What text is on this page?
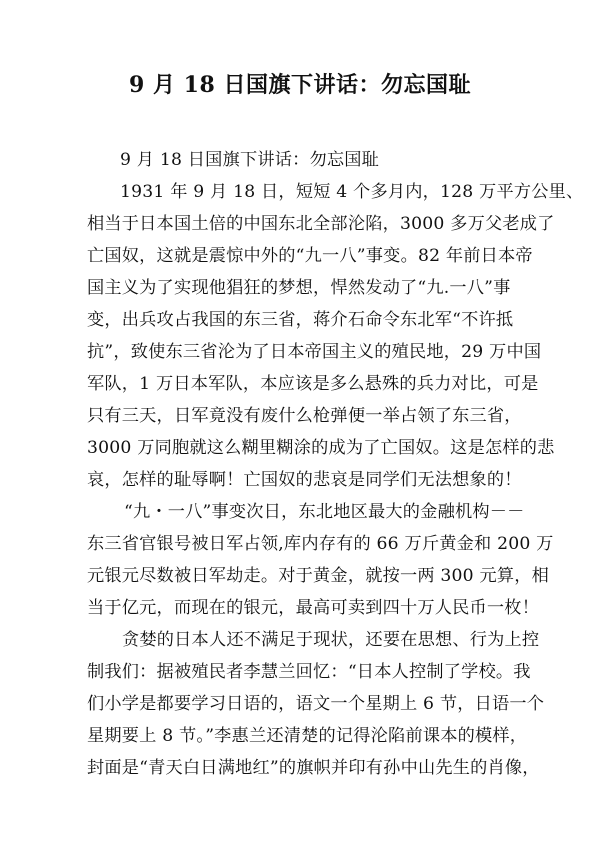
9 月 18 日国旗下讲话：勿忘国耻
9 月 18 日国旗下讲话：勿忘国耻
1931 年 9 月 18 日，短短 4 个多月内，128 万平方公里、
相当于日本国土倍的中国东北全部沦陷，3000 多万父老成了
亡国奴，这就是震惊中外的“九一八”事变。82 年前日本帝
国主义为了实现他猖狂的梦想，悍然发动了“九.一八”事
变，出兵攻占我国的东三省，蒋介石命令东北军“不许抵
抗”，致使东三省沦为了日本帝国主义的殖民地，29 万中国
军队，1 万日本军队，本应该是多么悬殊的兵力对比，可是
只有三天，日军竟没有废什么枪弹便一举占领了东三省，
3000 万同胞就这么糊里糊涂的成为了亡国奴。这是怎样的悲
哀，怎样的耻辱啊！亡国奴的悲哀是同学们无法想象的！
“九・一八”事变次日，东北地区最大的金融机构－－
东三省官银号被日军占领,库内存有的 66 万斤黄金和 200 万
元银元尽数被日军劫走。对于黄金，就按一两 300 元算，相
当于亿元，而现在的银元，最高可卖到四十万人民币一枚！
贪婪的日本人还不满足于现状，还要在思想、行为上控
制我们：据被殖民者李慧兰回忆：“日本人控制了学校。我
们小学是都要学习日语的，语文一个星期上 6 节，日语一个
星期要上 8 节。”李惠兰还清楚的记得沦陷前课本的模样，
封面是“青天白日满地红”的旗帜并印有孙中山先生的肖像，
